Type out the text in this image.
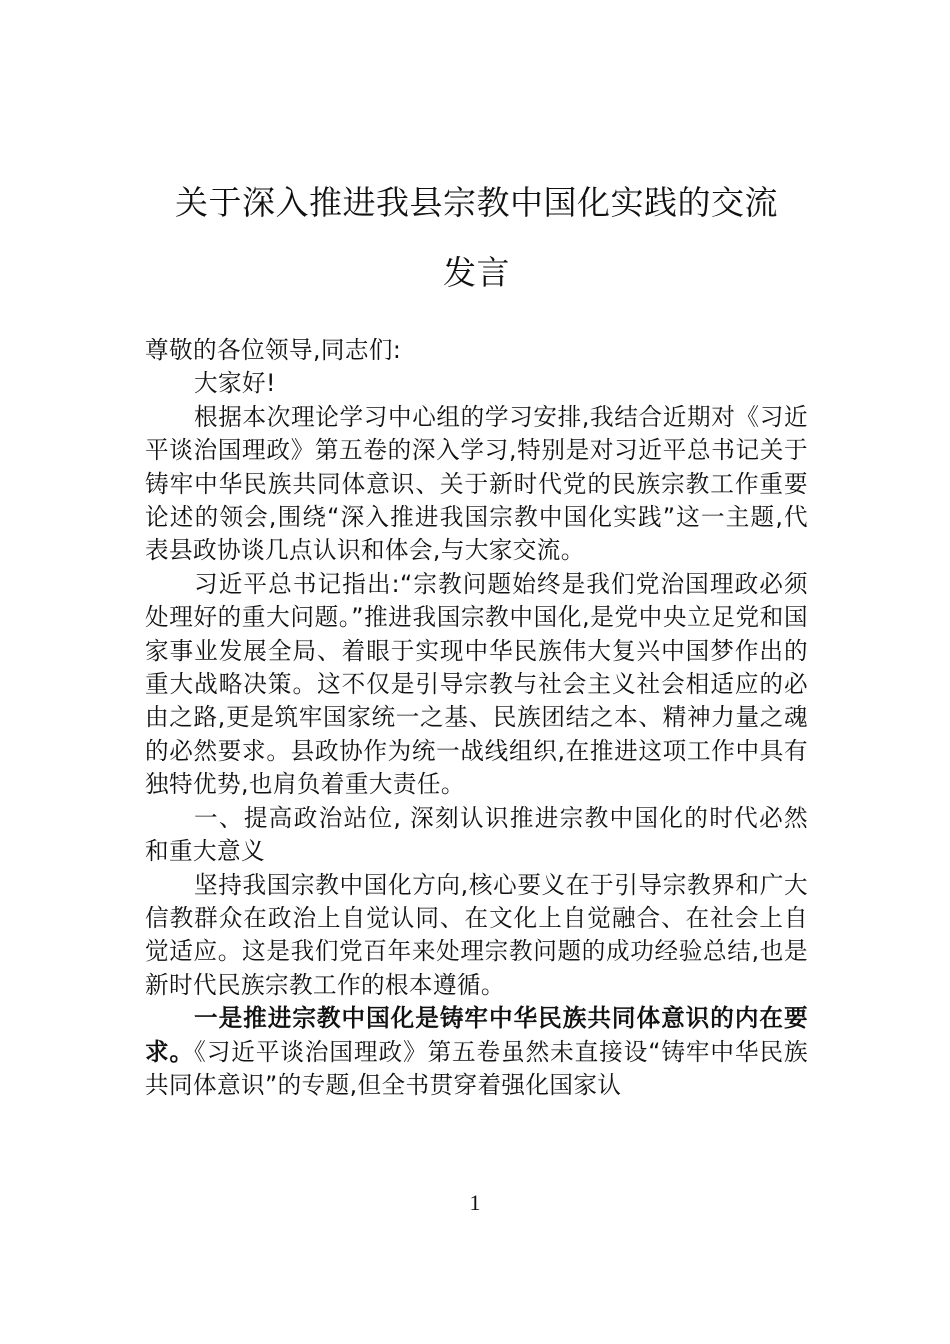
关于深入推进我县宗教中国化实践的交流
发言

尊敬的各位领导,同志们:

大家好!

根据本次理论学习中心组的学习安排,我结合近期对《习近平谈治国理政》第五卷的深入学习,特别是对习近平总书记关于铸牢中华民族共同体意识、关于新时代党的民族宗教工作重要论述的领会,围绕“深入推进我国宗教中国化实践”这一主题,代表县政协谈几点认识和体会,与大家交流。

习近平总书记指出:“宗教问题始终是我们党治国理政必须处理好的重大问题。”推进我国宗教中国化,是党中央立足党和国家事业发展全局、着眼于实现中华民族伟大复兴中国梦作出的重大战略决策。这不仅是引导宗教与社会主义社会相适应的必由之路,更是筑牢国家统一之基、民族团结之本、精神力量之魂的必然要求。县政协作为统一战线组织,在推进这项工作中具有独特优势,也肩负着重大责任。

一、提高政治站位, 深刻认识推进宗教中国化的时代必然和重大意义

坚持我国宗教中国化方向,核心要义在于引导宗教界和广大信教群众在政治上自觉认同、在文化上自觉融合、在社会上自觉适应。这是我们党百年来处理宗教问题的成功经验总结,也是新时代民族宗教工作的根本遵循。

一是推进宗教中国化是铸牢中华民族共同体意识的内在要求。《习近平谈治国理政》第五卷虽然未直接设“铸牢中华民族共同体意识”的专题,但全书贯穿着强化国家认

1
